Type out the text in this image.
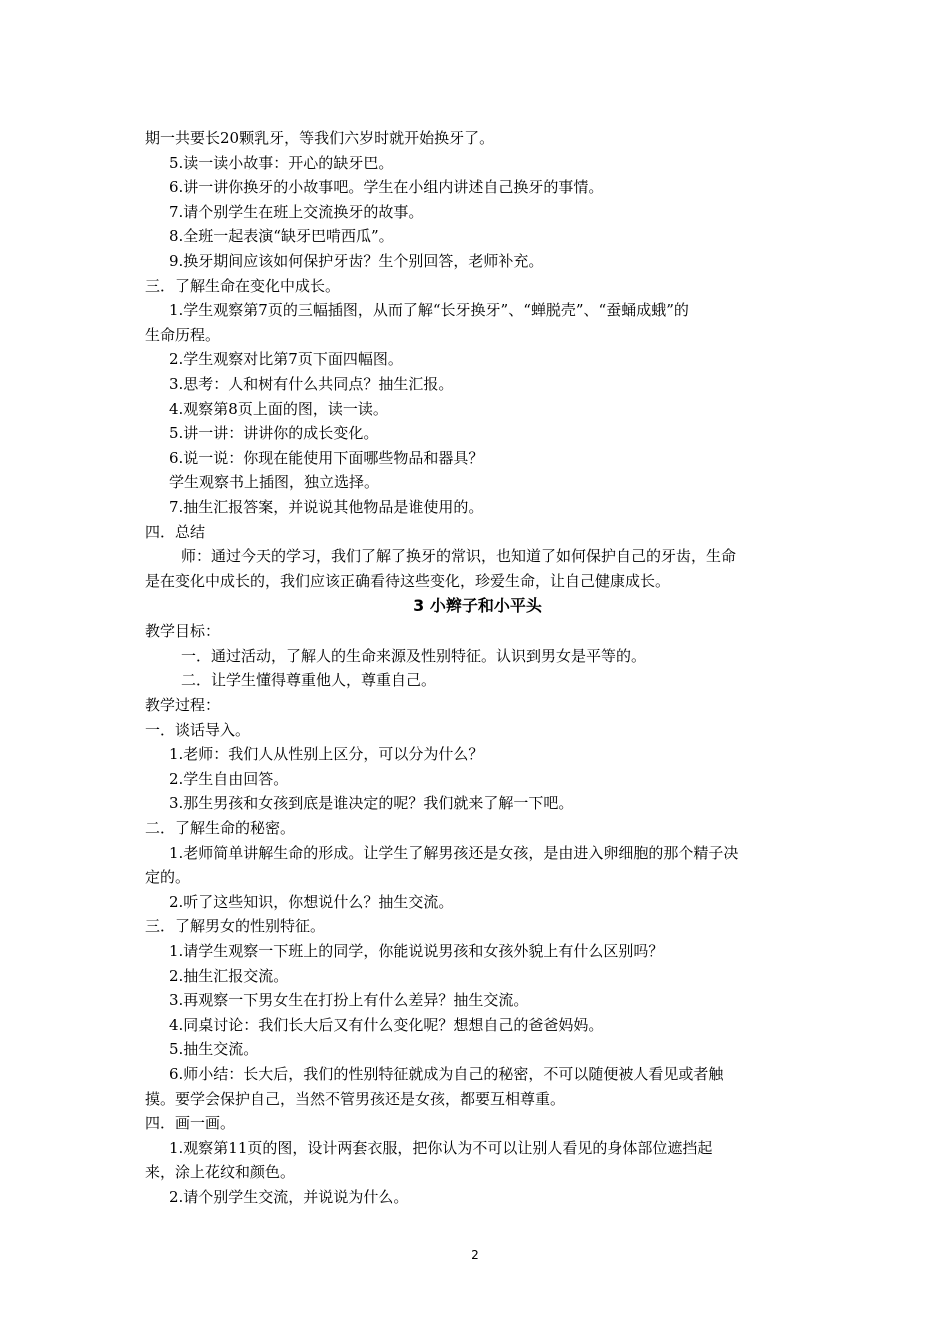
期一共要长20颗乳牙，等我们六岁时就开始换牙了。
5.读一读小故事：开心的缺牙巴。
6.讲一讲你换牙的小故事吧。学生在小组内讲述自己换牙的事情。
7.请个别学生在班上交流换牙的故事。
8.全班一起表演“缺牙巴啃西瓜”。
9.换牙期间应该如何保护牙齿？生个别回答，老师补充。
三．了解生命在变化中成长。
1.学生观察第7页的三幅插图，从而了解“长牙换牙”、“蝉脱壳”、“蚕蛹成蛾”的
生命历程。
2.学生观察对比第7页下面四幅图。
3.思考：人和树有什么共同点？抽生汇报。
4.观察第8页上面的图，读一读。
5.讲一讲：讲讲你的成长变化。
6.说一说：你现在能使用下面哪些物品和器具？
学生观察书上插图，独立选择。
7.抽生汇报答案，并说说其他物品是谁使用的。
四．总结
师：通过今天的学习，我们了解了换牙的常识，也知道了如何保护自己的牙齿，生命
是在变化中成长的，我们应该正确看待这些变化，珍爱生命，让自己健康成长。
3 小辫子和小平头
教学目标：
一．通过活动，了解人的生命来源及性别特征。认识到男女是平等的。
二．让学生懂得尊重他人，尊重自己。
教学过程：
一．谈话导入。
1.老师：我们人从性别上区分，可以分为什么？
2.学生自由回答。
3.那生男孩和女孩到底是谁决定的呢？我们就来了解一下吧。
二．了解生命的秘密。
1.老师简单讲解生命的形成。让学生了解男孩还是女孩，是由进入卵细胞的那个精子决
定的。
2.听了这些知识，你想说什么？抽生交流。
三．了解男女的性别特征。
1.请学生观察一下班上的同学，你能说说男孩和女孩外貌上有什么区别吗？
2.抽生汇报交流。
3.再观察一下男女生在打扮上有什么差异？抽生交流。
4.同桌讨论：我们长大后又有什么变化呢？想想自己的爸爸妈妈。
5.抽生交流。
6.师小结：长大后，我们的性别特征就成为自己的秘密，不可以随便被人看见或者触
摸。要学会保护自己，当然不管男孩还是女孩，都要互相尊重。
四．画一画。
1.观察第11页的图，设计两套衣服，把你认为不可以让别人看见的身体部位遮挡起
来，涂上花纹和颜色。
2.请个别学生交流，并说说为什么。
2
